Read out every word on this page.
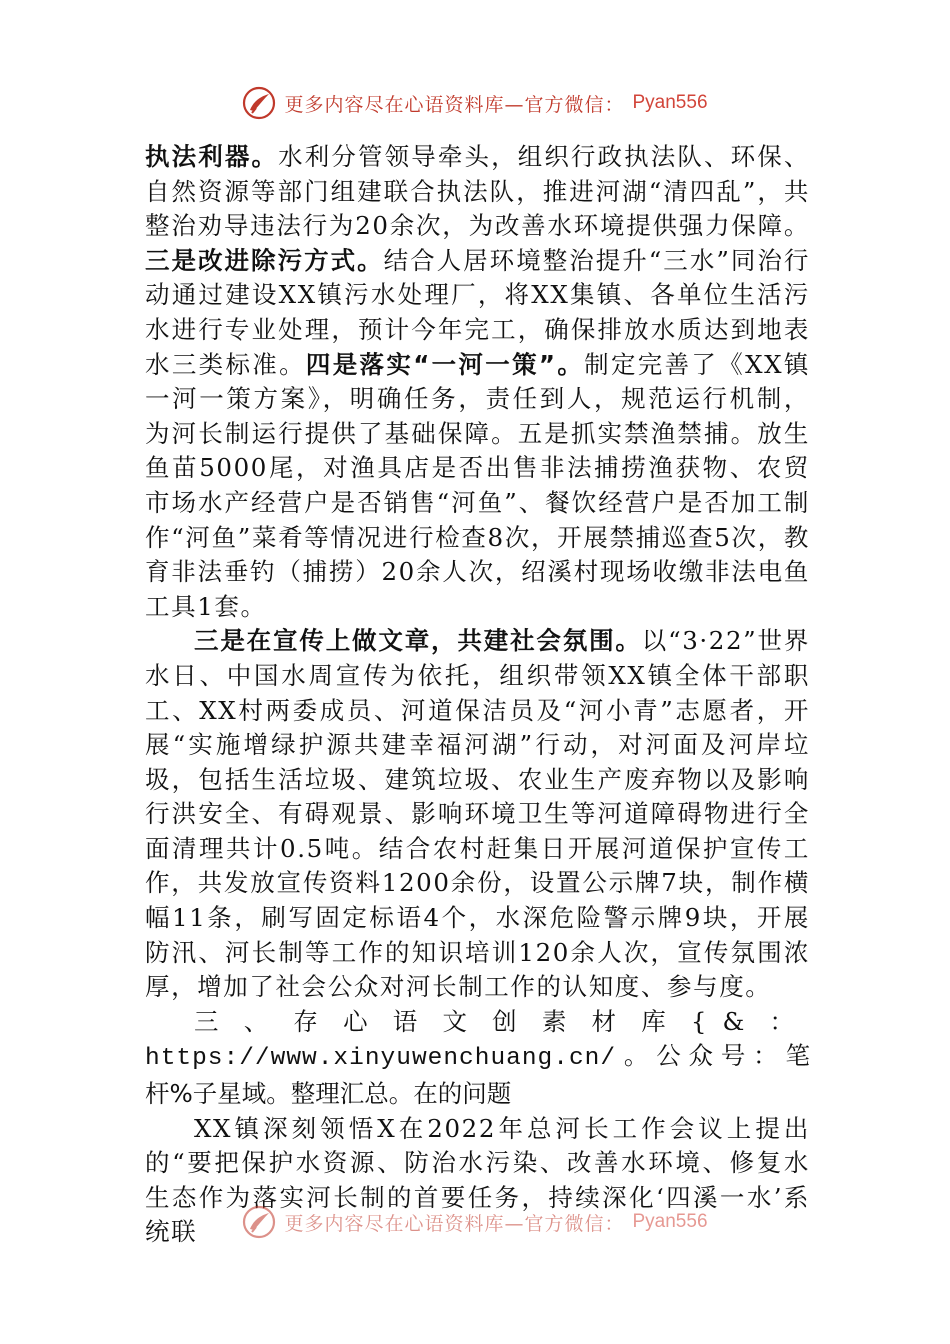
更多内容尽在心语资料库—官方微信： Pyan556

执法利器。水利分管领导牵头，组织行政执法队、环保、自然资源等部门组建联合执法队，推进河湖“清四乱”，共整治劝导违法行为20余次，为改善水环境提供强力保障。三是改进除污方式。结合人居环境整治提升“三水”同治行动通过建设XX镇污水处理厂，将XX集镇、各单位生活污水进行专业处理，预计今年完工，确保排放水质达到地表水三类标准。四是落实“一河一策”。制定完善了《XX镇一河一策方案》，明确任务，责任到人，规范运行机制，为河长制运行提供了基础保障。五是抓实禁渔禁捕。放生鱼苗5000尾，对渔具店是否出售非法捕捞渔获物、农贸市场水产经营户是否销售“河鱼”、餐饮经营户是否加工制作“河鱼”菜肴等情况进行检查8次，开展禁捕巡查5次，教育非法垂钓（捕捞）20余人次，绍溪村现场收缴非法电鱼工具1套。

三是在宣传上做文章，共建社会氛围。以“3·22”世界水日、中国水周宣传为依托，组织带领XX镇全体干部职工、XX村两委成员、河道保洁员及“河小青”志愿者，开展“实施增绿护源共建幸福河湖”行动，对河面及河岸垃圾，包括生活垃圾、建筑垃圾、农业生产废弃物以及影响行洪安全、有碍观景、影响环境卫生等河道障碍物进行全面清理共计0.5吨。结合农村赶集日开展河道保护宣传工作，共发放宣传资料1200余份，设置公示牌7块，制作横幅11条，刷写固定标语4个，水深危险警示牌9块，开展防汛、河长制等工作的知识培训120余人次，宣传氛围浓厚，增加了社会公众对河长制工作的认知度、参与度。

三、存心语文创素材库{&：https://www.xinyuwenchuang.cn/。公众号：笔杆%子星域。整理汇总。在的问题

XX镇深刻领悟X在2022年总河长工作会议上提出的“要把保护水资源、防治水污染、改善水环境、修复水生态作为落实河长制的首要任务，持续深化‘四溪一水’系统联	更多内容尽在心语资料库—官方微信： Pyan556
